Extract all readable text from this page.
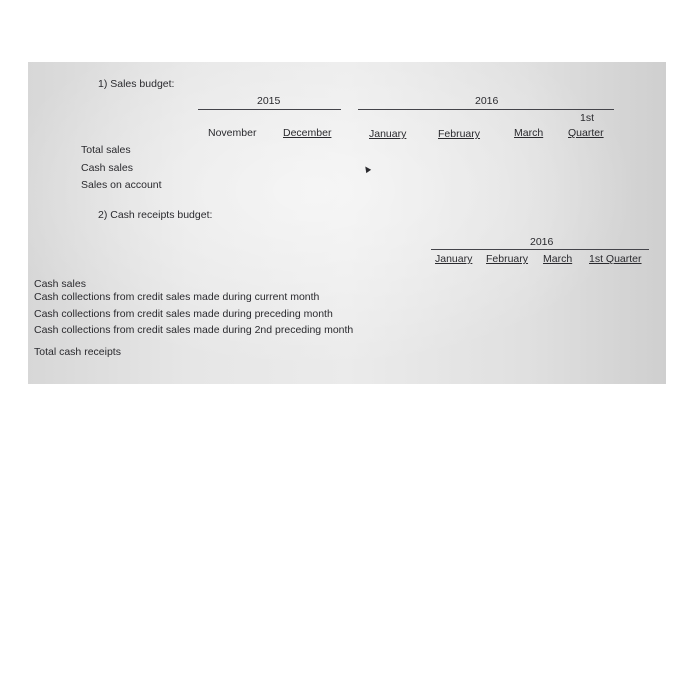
1) Sales budget:
2015	2016
November	December	January	February	March
1st
Quarter
Total sales
Cash sales
Sales on account
2) Cash receipts budget:
2016
January February March 1st Quarter
Cash sales
Cash collections from credit sales made during current month
Cash collections from credit sales made during preceding month
Cash collections from credit sales made during 2nd preceding month
Total cash receipts
